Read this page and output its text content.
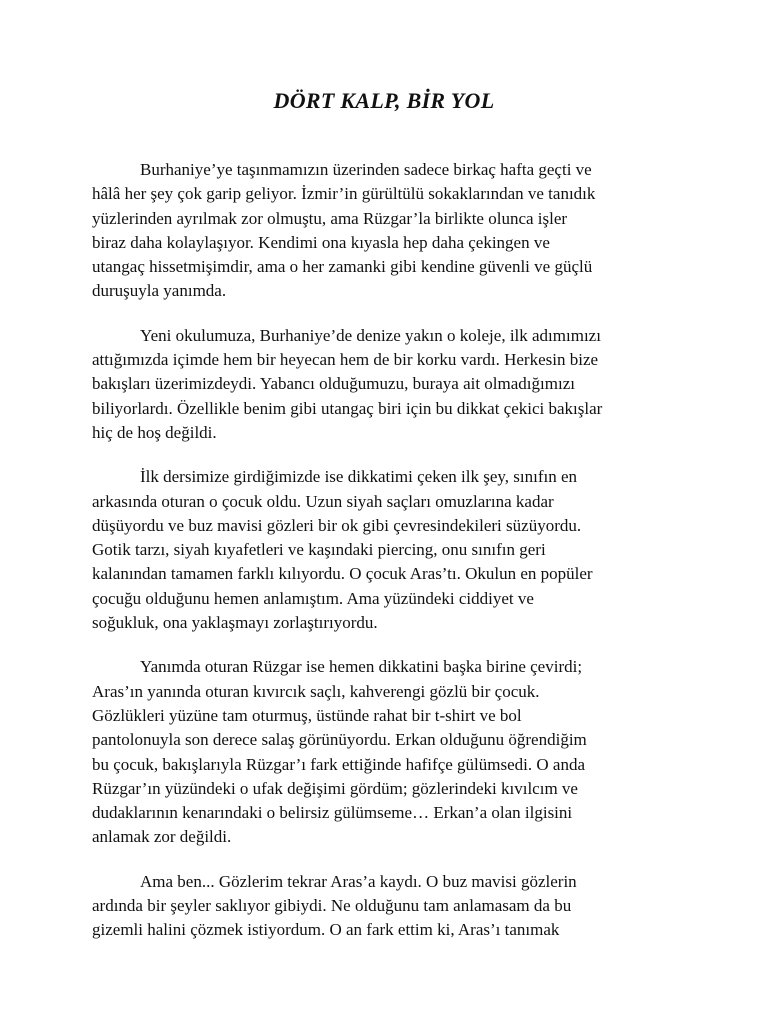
DÖRT KALP, BİR YOL

Burhaniye’ye taşınmamızın üzerinden sadece birkaç hafta geçti ve
hâlâ her şey çok garip geliyor. İzmir’in gürültülü sokaklarından ve tanıdık
yüzlerinden ayrılmak zor olmuştu, ama Rüzgar’la birlikte olunca işler
biraz daha kolaylaşıyor. Kendimi ona kıyasla hep daha çekingen ve
utangaç hissetmişimdir, ama o her zamanki gibi kendine güvenli ve güçlü
duruşuyla yanımda.

Yeni okulumuza, Burhaniye’de denize yakın o koleje, ilk adımımızı
attığımızda içimde hem bir heyecan hem de bir korku vardı. Herkesin bize
bakışları üzerimizdeydi. Yabancı olduğumuzu, buraya ait olmadığımızı
biliyorlardı. Özellikle benim gibi utangaç biri için bu dikkat çekici bakışlar
hiç de hoş değildi.

İlk dersimize girdiğimizde ise dikkatimi çeken ilk şey, sınıfın en
arkasında oturan o çocuk oldu. Uzun siyah saçları omuzlarına kadar
düşüyordu ve buz mavisi gözleri bir ok gibi çevresindekileri süzüyordu.
Gotik tarzı, siyah kıyafetleri ve kaşındaki piercing, onu sınıfın geri
kalanından tamamen farklı kılıyordu. O çocuk Aras’tı. Okulun en popüler
çocuğu olduğunu hemen anlamıştım. Ama yüzündeki ciddiyet ve
soğukluk, ona yaklaşmayı zorlaştırıyordu.

Yanımda oturan Rüzgar ise hemen dikkatini başka birine çevirdi;
Aras’ın yanında oturan kıvırcık saçlı, kahverengi gözlü bir çocuk.
Gözlükleri yüzüne tam oturmuş, üstünde rahat bir t-shirt ve bol
pantolonuyla son derece salaş görünüyordu. Erkan olduğunu öğrendiğim
bu çocuk, bakışlarıyla Rüzgar’ı fark ettiğinde hafifçe gülümsedi. O anda
Rüzgar’ın yüzündeki o ufak değişimi gördüm; gözlerindeki kıvılcım ve
dudaklarının kenarındaki o belirsiz gülümseme… Erkan’a olan ilgisini
anlamak zor değildi.

Ama ben... Gözlerim tekrar Aras’a kaydı. O buz mavisi gözlerin
ardında bir şeyler saklıyor gibiydi. Ne olduğunu tam anlamasam da bu
gizemli halini çözmek istiyordum. O an fark ettim ki, Aras’ı tanımak
